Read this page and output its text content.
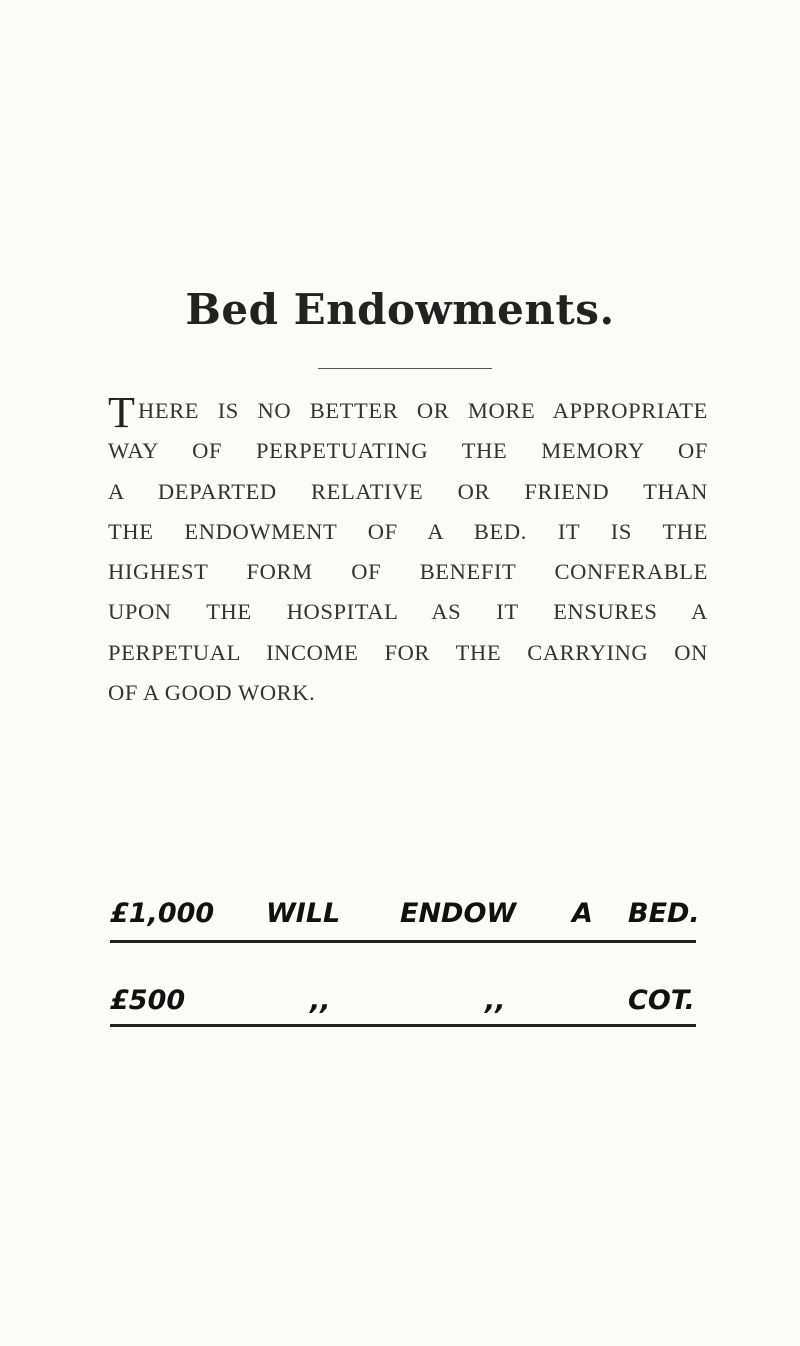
Bed Endowments.
T HERE IS NO BETTER OR MORE APPROPRIATE
WAY OF PERPETUATING THE MEMORY OF
A DEPARTED RELATIVE OR FRIEND THAN
THE ENDOWMENT OF A BED. IT IS THE
HIGHEST FORM OF BENEFIT CONFERABLE
UPON THE HOSPITAL AS IT ENSURES A
PERPETUAL INCOME FOR THE CARRYING ON
OF A GOOD WORK.
£1,000 WILL ENDOW A BED.
£500	,,	,,	COT.
